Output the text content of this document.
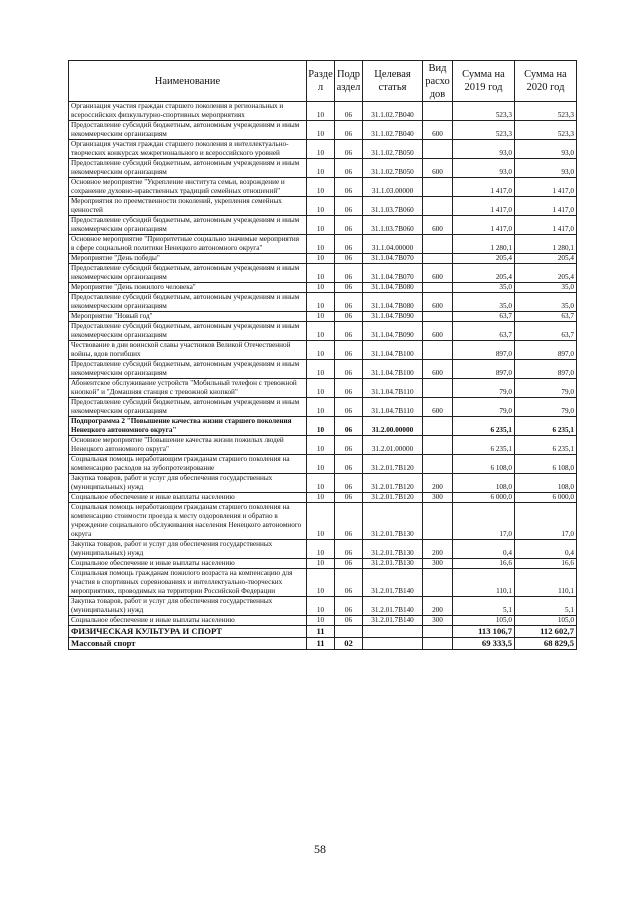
Наименование	Разде л	Подр аздел	Целевая статья	Вид расхо дов	Сумма на 2019 год	Сумма на 2020 год
Организация участия граждан старшего поколения в региональных и всероссийских физкультурно-спортивных мероприятиях	10	06	31.1.02.7В040		523,3	523,3
Предоставление субсидий бюджетным, автономным учреждениям и иным некоммерческим организациям	10	06	31.1.02.7В040	600	523,3	523,3
Организация участия граждан старшего поколения в интеллектуально-творческих конкурсах межрегионального и всероссийского уровней	10	06	31.1.02.7В050		93,0	93,0
Предоставление субсидий бюджетным, автономным учреждениям и иным некоммерческим организациям	10	06	31.1.02.7В050	600	93,0	93,0
Основное мероприятие "Укрепление института семьи, возрождение и сохранение духовно-нравственных традиций семейных отношений"	10	06	31.1.03.00000		1 417,0	1 417,0
Мероприятия по преемственности поколений, укрепления семейных ценностей	10	06	31.1.03.7В060		1 417,0	1 417,0
Предоставление субсидий бюджетным, автономным учреждениям и иным некоммерческим организациям	10	06	31.1.03.7В060	600	1 417,0	1 417,0
Основное мероприятие "Приоритетные социально значимые мероприятия в сфере социальной политики Ненецкого автономного округа"	10	06	31.1.04.00000		1 280,1	1 280,1
Мероприятие "День победы"	10	06	31.1.04.7В070		205,4	205,4
Предоставление субсидий бюджетным, автономным учреждениям и иным некоммерческим организациям	10	06	31.1.04.7В070	600	205,4	205,4
Мероприятие "День пожилого человека"	10	06	31.1.04.7В080		35,0	35,0
Предоставление субсидий бюджетным, автономным учреждениям и иным некоммерческим организациям	10	06	31.1.04.7В080	600	35,0	35,0
Мероприятие "Новый год"	10	06	31.1.04.7В090		63,7	63,7
Предоставление субсидий бюджетным, автономным учреждениям и иным некоммерческим организациям	10	06	31.1.04.7В090	600	63,7	63,7
Чествование в дни воинской славы участников Великой Отечественной войны, вдов погибших	10	06	31.1.04.7В100		897,0	897,0
Предоставление субсидий бюджетным, автономным учреждениям и иным некоммерческим организациям	10	06	31.1.04.7В100	600	897,0	897,0
Абонентское обслуживание устройств "Мобильный телефон с тревожной кнопкой" и "Домашняя станция с тревожной кнопкой"	10	06	31.1.04.7В110		79,0	79,0
Предоставление субсидий бюджетным, автономным учреждениям и иным некоммерческим организациям	10	06	31.1.04.7В110	600	79,0	79,0
Подпрограмма 2 "Повышение качества жизни старшего поколения Ненецкого автономного округа"	10	06	31.2.00.00000		6 235,1	6 235,1
Основное мероприятие "Повышение качества жизни пожилых людей Ненецкого автономного округа"	10	06	31.2.01.00000		6 235,1	6 235,1
Социальная помощь неработающим гражданам старшего поколения на компенсацию расходов на зубопротезирование	10	06	31.2.01.7В120		6 108,0	6 108,0
Закупка товаров, работ и услуг для обеспечения государственных (муниципальных) нужд	10	06	31.2.01.7В120	200	108,0	108,0
Социальное обеспечение и иные выплаты населению	10	06	31.2.01.7В120	300	6 000,0	6 000,0
Социальная помощь неработающим гражданам старшего поколения на компенсацию стоимости проезда к месту оздоровления и обратно в учреждение социального обслуживания населения Ненецкого автономного округа	10	06	31.2.01.7В130		17,0	17,0
Закупка товаров, работ и услуг для обеспечения государственных (муниципальных) нужд	10	06	31.2.01.7В130	200	0,4	0,4
Социальное обеспечение и иные выплаты населению	10	06	31.2.01.7В130	300	16,6	16,6
Социальная помощь гражданам пожилого возраста на компенсацию для участия в спортивных соревнованиях и интеллектуально-творческих мероприятиях, проводимых на территории Российской Федерации	10	06	31.2.01.7В140		110,1	110,1
Закупка товаров, работ и услуг для обеспечения государственных (муниципальных) нужд	10	06	31.2.01.7В140	200	5,1	5,1
Социальное обеспечение и иные выплаты населению	10	06	31.2.01.7В140	300	105,0	105,0
ФИЗИЧЕСКАЯ КУЛЬТУРА И СПОРТ	11				113 106,7	112 602,7
Массовый спорт	11	02			69 333,5	68 829,5
58
